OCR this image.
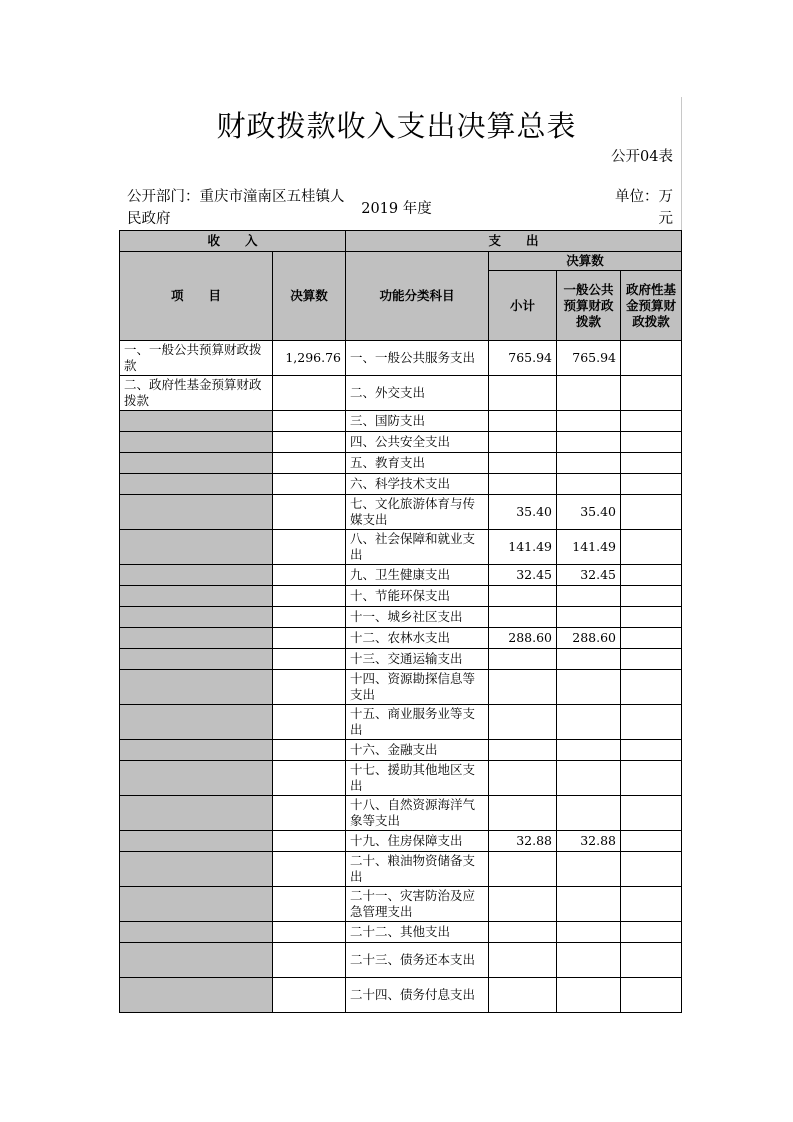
财政拨款收入支出决算总表
公开04表
公开部门：重庆市潼南区五桂镇人民政府
2019 年度
单位：万元
收　　入		支　　出			
项　　目	决算数	功能分类科目	决算数		
			小计	一般公共预算财政拨款	政府性基金预算财政拨款
一、一般公共预算财政拨款	1,296.76	一、一般公共服务支出	765.94	765.94	
二、政府性基金预算财政拨款		二、外交支出			
		三、国防支出			
		四、公共安全支出			
		五、教育支出			
		六、科学技术支出			
		七、文化旅游体育与传媒支出	35.40	35.40	
		八、社会保障和就业支出	141.49	141.49	
		九、卫生健康支出	32.45	32.45	
		十、节能环保支出			
		十一、城乡社区支出			
		十二、农林水支出	288.60	288.60	
		十三、交通运输支出			
		十四、资源勘探信息等支出			
		十五、商业服务业等支出			
		十六、金融支出			
		十七、援助其他地区支出			
		十八、自然资源海洋气象等支出			
		十九、住房保障支出	32.88	32.88	
		二十、粮油物资储备支出			
		二十一、灾害防治及应急管理支出			
		二十二、其他支出			
		二十三、债务还本支出			
		二十四、债务付息支出			
